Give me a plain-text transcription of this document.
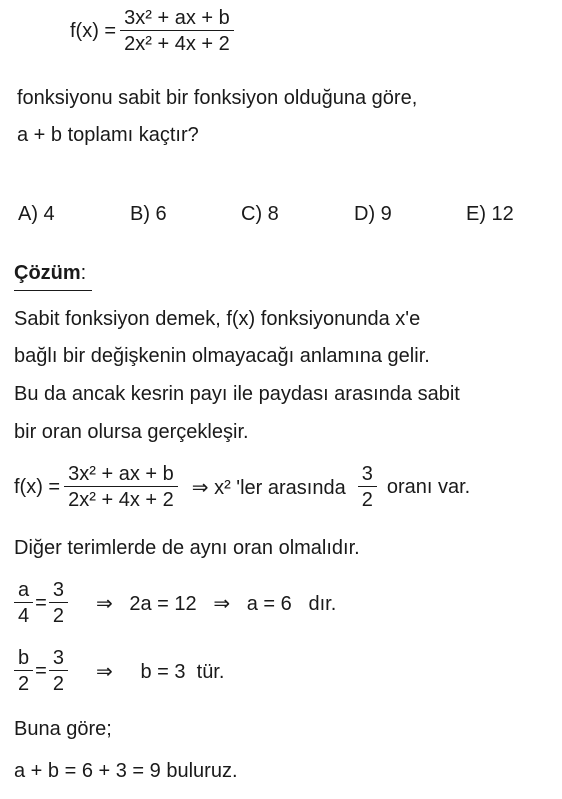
$f(x) = \frac{\text{3x² + ax + b}}{\text{2x² + 4x + 2}}$
fonksiyonu sabit bir fonksiyon olduğuna göre,
a + b toplamı kaçtır?
A) 4	B) 6	C) 8	D) 9	E) 12
Çözüm:
Sabit fonksiyon demek, f(x) fonksiyonunda x'e
bağlı bir değişkenin olmayacağı anlamına gelir.
Bu da ancak kesrin payı ile paydası arasında sabit
bir oran olursa gerçekleşir.
$f(x) = \frac{\text{3x² + ax + b}}{\text{2x² + 4x + 2}}$ ⇒ x² 'ler arasında $\frac{3}{2}$ oranı var.
Diğer terimlerde de aynı oran olmalıdır.
$\frac{a}{4} = \frac{3}{2}$ ⇒   2a = 12   ⇒   a = 6   dır.
$\frac{b}{2} = \frac{3}{2}$ ⇒     b = 3  tür.
Buna göre;
a + b = 6 + 3 = 9 buluruz.
